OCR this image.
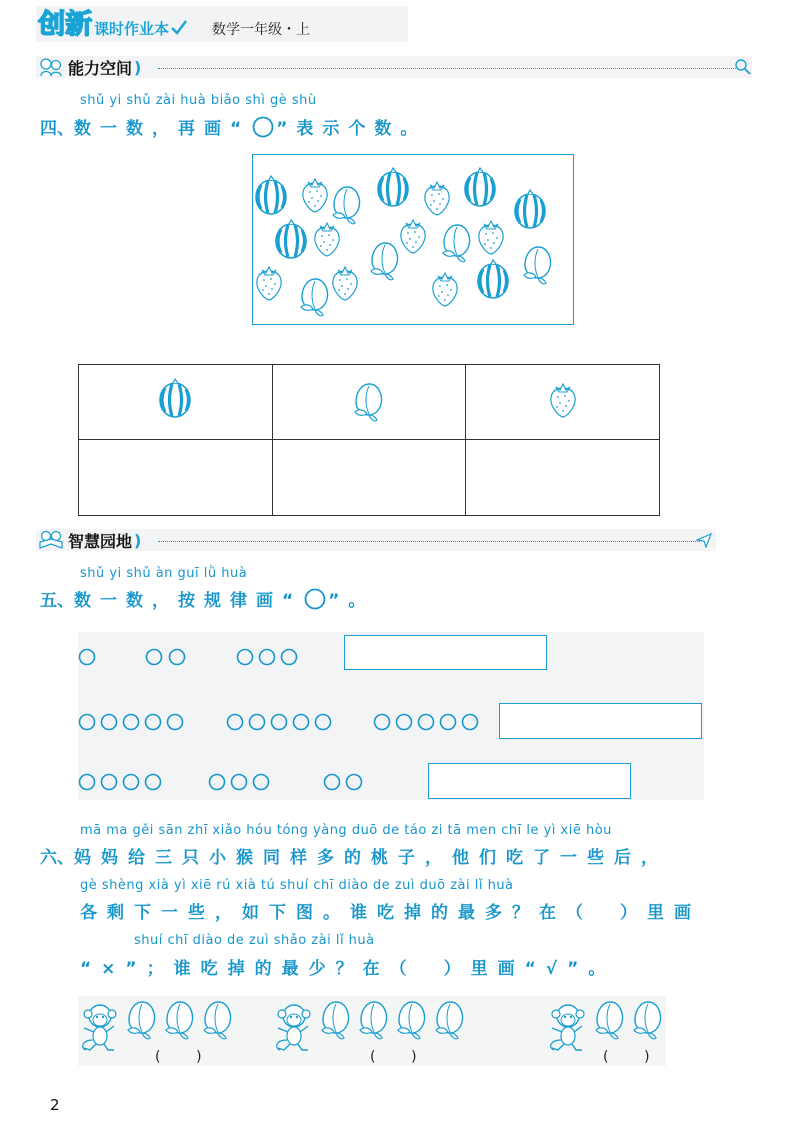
创新 课时作业本	数学一年级・上
能力空间 )
shǔ yi shǔ zài huà biǎo shì gè shù
四、 数一数，再画“ ”表示个数。

智慧园地 )
shǔ yi shǔ àn guī lǜ huà
五、 数一数，按规律画“ ”。
mā ma gěi sān zhī xiǎo hóu tóng yàng duō de táo zi tā men chī le yì xiē hòu
六、 妈妈给三只小猴同样多的桃子，他们吃了一些后，
gè shèng xià yì xiē rú xià tú shuí chī diào de zuì duō zài lǐ huà
各剩下一些，如下图。谁吃掉的最多？在（　）里画
shuí chī diào de zuì shǎo zài lǐ huà
“×”；谁吃掉的最少？在（　）里画“√”。
(        )	(        )	(        )
2
